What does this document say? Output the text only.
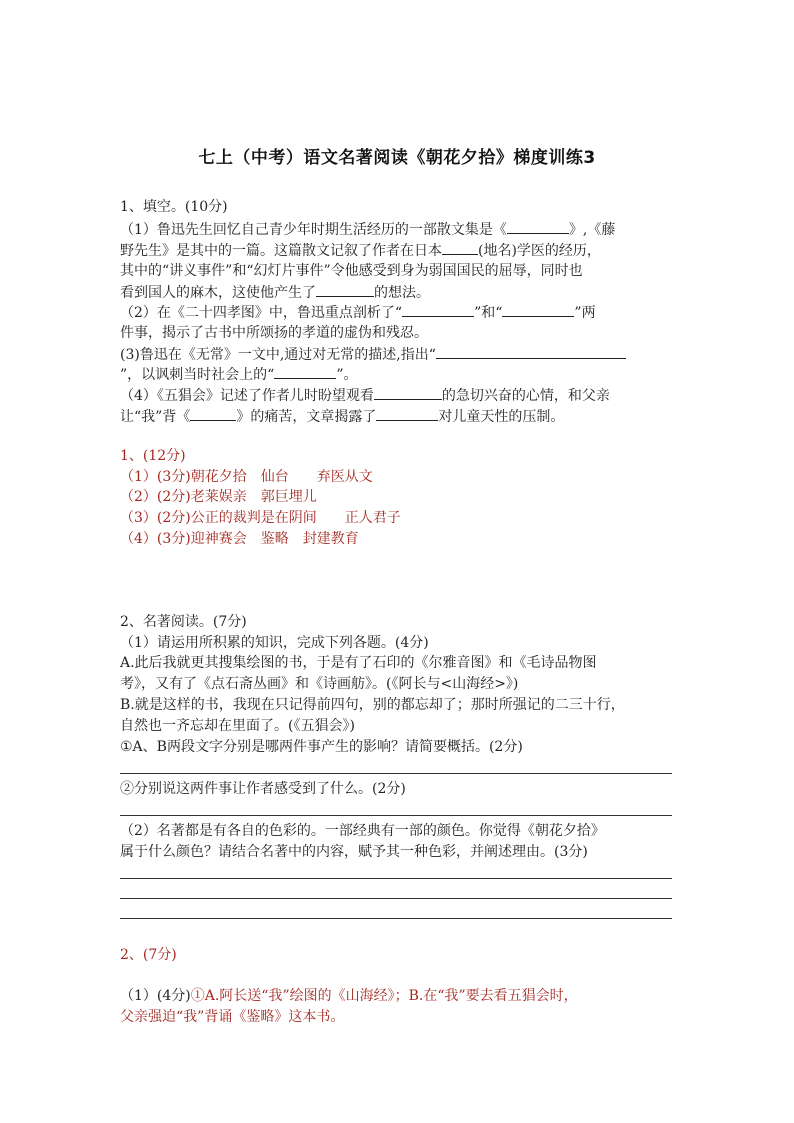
七上（中考）语文名著阅读《朝花夕拾》梯度训练3
1、填空。(10分)
（1）鲁迅先生回忆自己青少年时期生活经历的一部散文集是《	》,《藤
野先生》是其中的一篇。这篇散文记叙了作者在日本	(地名)学医的经历，
其中的“讲义事件”和“幻灯片事件”令他感受到身为弱国国民的屈辱，同时也
看到国人的麻木，这使他产生了	的想法。
（2）在《二十四孝图》中，鲁迅重点剖析了“	”和“	”两
件事，揭示了古书中所颂扬的孝道的虚伪和残忍。
(3)鲁迅在《无常》一文中,通过对无常的描述,指出“
”，以讽刺当时社会上的“	”。
（4）《五猖会》记述了作者儿时盼望观看	的急切兴奋的心情，和父亲
让“我”背《	》的痛苦，文章揭露了	对儿童天性的压制。
1、(12分)
（1）(3分)朝花夕拾 仙台 弃医从文
（2）(2分)老莱娱亲 郭巨埋儿
（3）(2分)公正的裁判是在阴间 正人君子
（4）(3分)迎神赛会 鉴略 封建教育
2、名著阅读。(7分)
（1）请运用所积累的知识，完成下列各题。(4分)
A.此后我就更其搜集绘图的书，于是有了石印的《尔雅音图》和《毛诗品物图
考》，又有了《点石斋丛画》和《诗画舫》。(《阿长与<山海经>》)
B.就是这样的书，我现在只记得前四句，别的都忘却了；那时所强记的二三十行，
自然也一齐忘却在里面了。(《五猖会》)
①A、B两段文字分别是哪两件事产生的影响？请简要概括。(2分)
②分别说这两件事让作者感受到了什么。(2分)
（2）名著都是有各自的色彩的。一部经典有一部的颜色。你觉得《朝花夕拾》
属于什么颜色？请结合名著中的内容，赋予其一种色彩，并阐述理由。(3分)
2、(7分)
（1）(4分)①A.阿长送“我”绘图的《山海经》；B.在“我”要去看五猖会时，
父亲强迫“我”背诵《鉴略》这本书。
